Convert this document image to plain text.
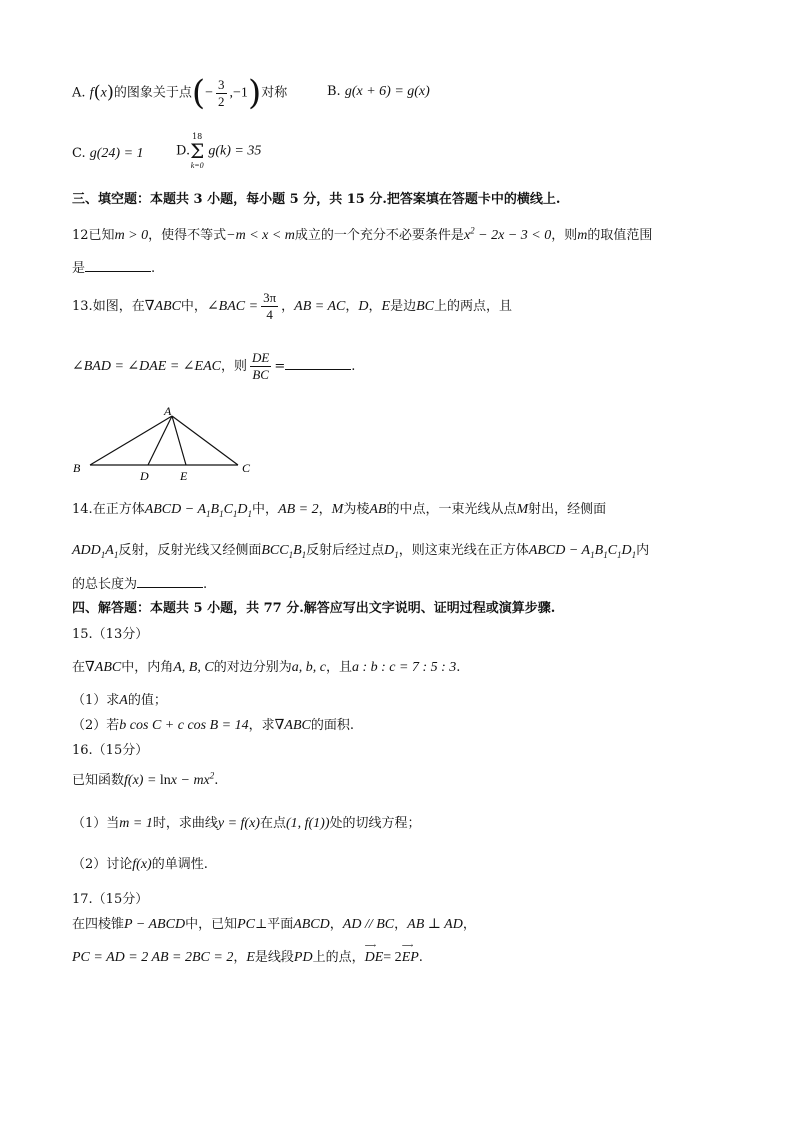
A. f(x)的图象关于点(− $\frac{3}{2} ,-1$)对称	B. g(x + 6) = g(x)
C. g(24) = 1 D.
18
Σ
k=0
g(k) = 35
三、填空题：本题共 3 小题，每小题 5 分，共 15 分.把答案填在答题卡中的横线上.
12已知m > 0，使得不等式−m < x < m成立的一个充分不必要条件是$x^2 - 2x - 3 < 0$，则m的取值范围
是	.
13.如图，在∇ABC中，∠BAC = $\frac{3\pi}{4}$ ，AB = AC，D，E是边BC上的两点，且
∠BAD = ∠DAE = ∠EAC，则 $\frac{DE}{BC}$ =	.
A
B	C
D	E
14.在正方体ABCD − $A_1B_1C_1D_1$中，AB = 2，M为棱AB的中点，一束光线从点M射出，经侧面
$ADD_1A_1$反射，反射光线又经侧面$BCC_1B_1$反射后经过点$D_1$，则这束光线在正方体ABCD − $A_1B_1C_1D_1$内
的总长度为	.
四、解答题：本题共 5 小题，共 77 分.解答应写出文字说明、证明过程或演算步骤.
15.（13分）
在∇ABC中，内角A, B, C的对边分别为a, b, c，且a : b : c = 7 : 5 : 3.
（1）求A的值；
（2）若b cos C + c cos B = 14，求∇ABC的面积.
16.（15分）
已知函数$f(x) = \ln x - mx^2$.
（1）当m = 1时，求曲线y = f(x)在点(1, f(1))处的切线方程；
（2）讨论f(x)的单调性.
17.（15分）
在四棱锥P − ABCD中，已知PC⊥平面ABCD，AD // BC，AB ⊥ AD，
PC = AD = 2 AB = 2BC = 2，E是线段PD上的点，
⟶
DE= 2
⟶
EP.
